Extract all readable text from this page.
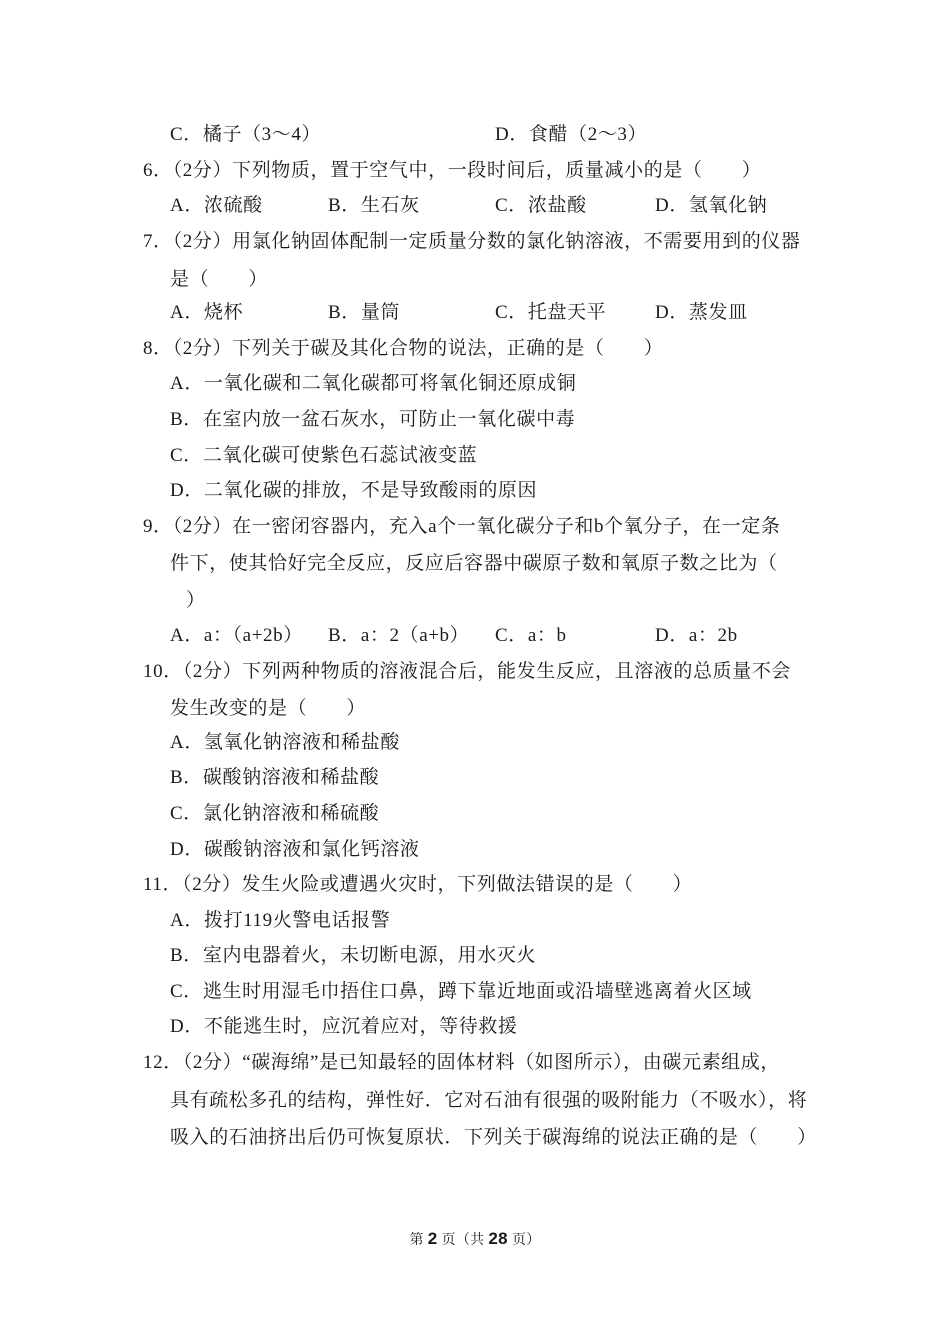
C．橘子（3～4）	D．食醋（2～3）
6．（2分）下列物质，置于空气中，一段时间后，质量减小的是（　　）
A．浓硫酸	B．生石灰	C．浓盐酸	D．氢氧化钠
7．（2分）用氯化钠固体配制一定质量分数的氯化钠溶液，不需要用到的仪器
是（　　）
A．烧杯	B．量筒	C．托盘天平	D．蒸发皿
8．（2分）下列关于碳及其化合物的说法，正确的是（　　）
A．一氧化碳和二氧化碳都可将氧化铜还原成铜
B．在室内放一盆石灰水，可防止一氧化碳中毒
C．二氧化碳可使紫色石蕊试液变蓝
D．二氧化碳的排放，不是导致酸雨的原因
9．（2分）在一密闭容器内，充入a个一氧化碳分子和b个氧分子，在一定条
件下，使其恰好完全反应，反应后容器中碳原子数和氧原子数之比为（
）
A．a：（a+2b） B．a：2（a+b） C．a：b	D．a：2b
10．（2分）下列两种物质的溶液混合后，能发生反应，且溶液的总质量不会
发生改变的是（　　）
A．氢氧化钠溶液和稀盐酸
B．碳酸钠溶液和稀盐酸
C．氯化钠溶液和稀硫酸
D．碳酸钠溶液和氯化钙溶液
11．（2分）发生火险或遭遇火灾时，下列做法错误的是（　　）
A．拨打119火警电话报警
B．室内电器着火，未切断电源，用水灭火
C．逃生时用湿毛巾捂住口鼻，蹲下靠近地面或沿墙壁逃离着火区域
D．不能逃生时，应沉着应对，等待救援
12．（2分）“碳海绵”是已知最轻的固体材料（如图所示），由碳元素组成，
具有疏松多孔的结构，弹性好．它对石油有很强的吸附能力（不吸水），将
吸入的石油挤出后仍可恢复原状．下列关于碳海绵的说法正确的是（　　）
第 2 页（共 28 页）
